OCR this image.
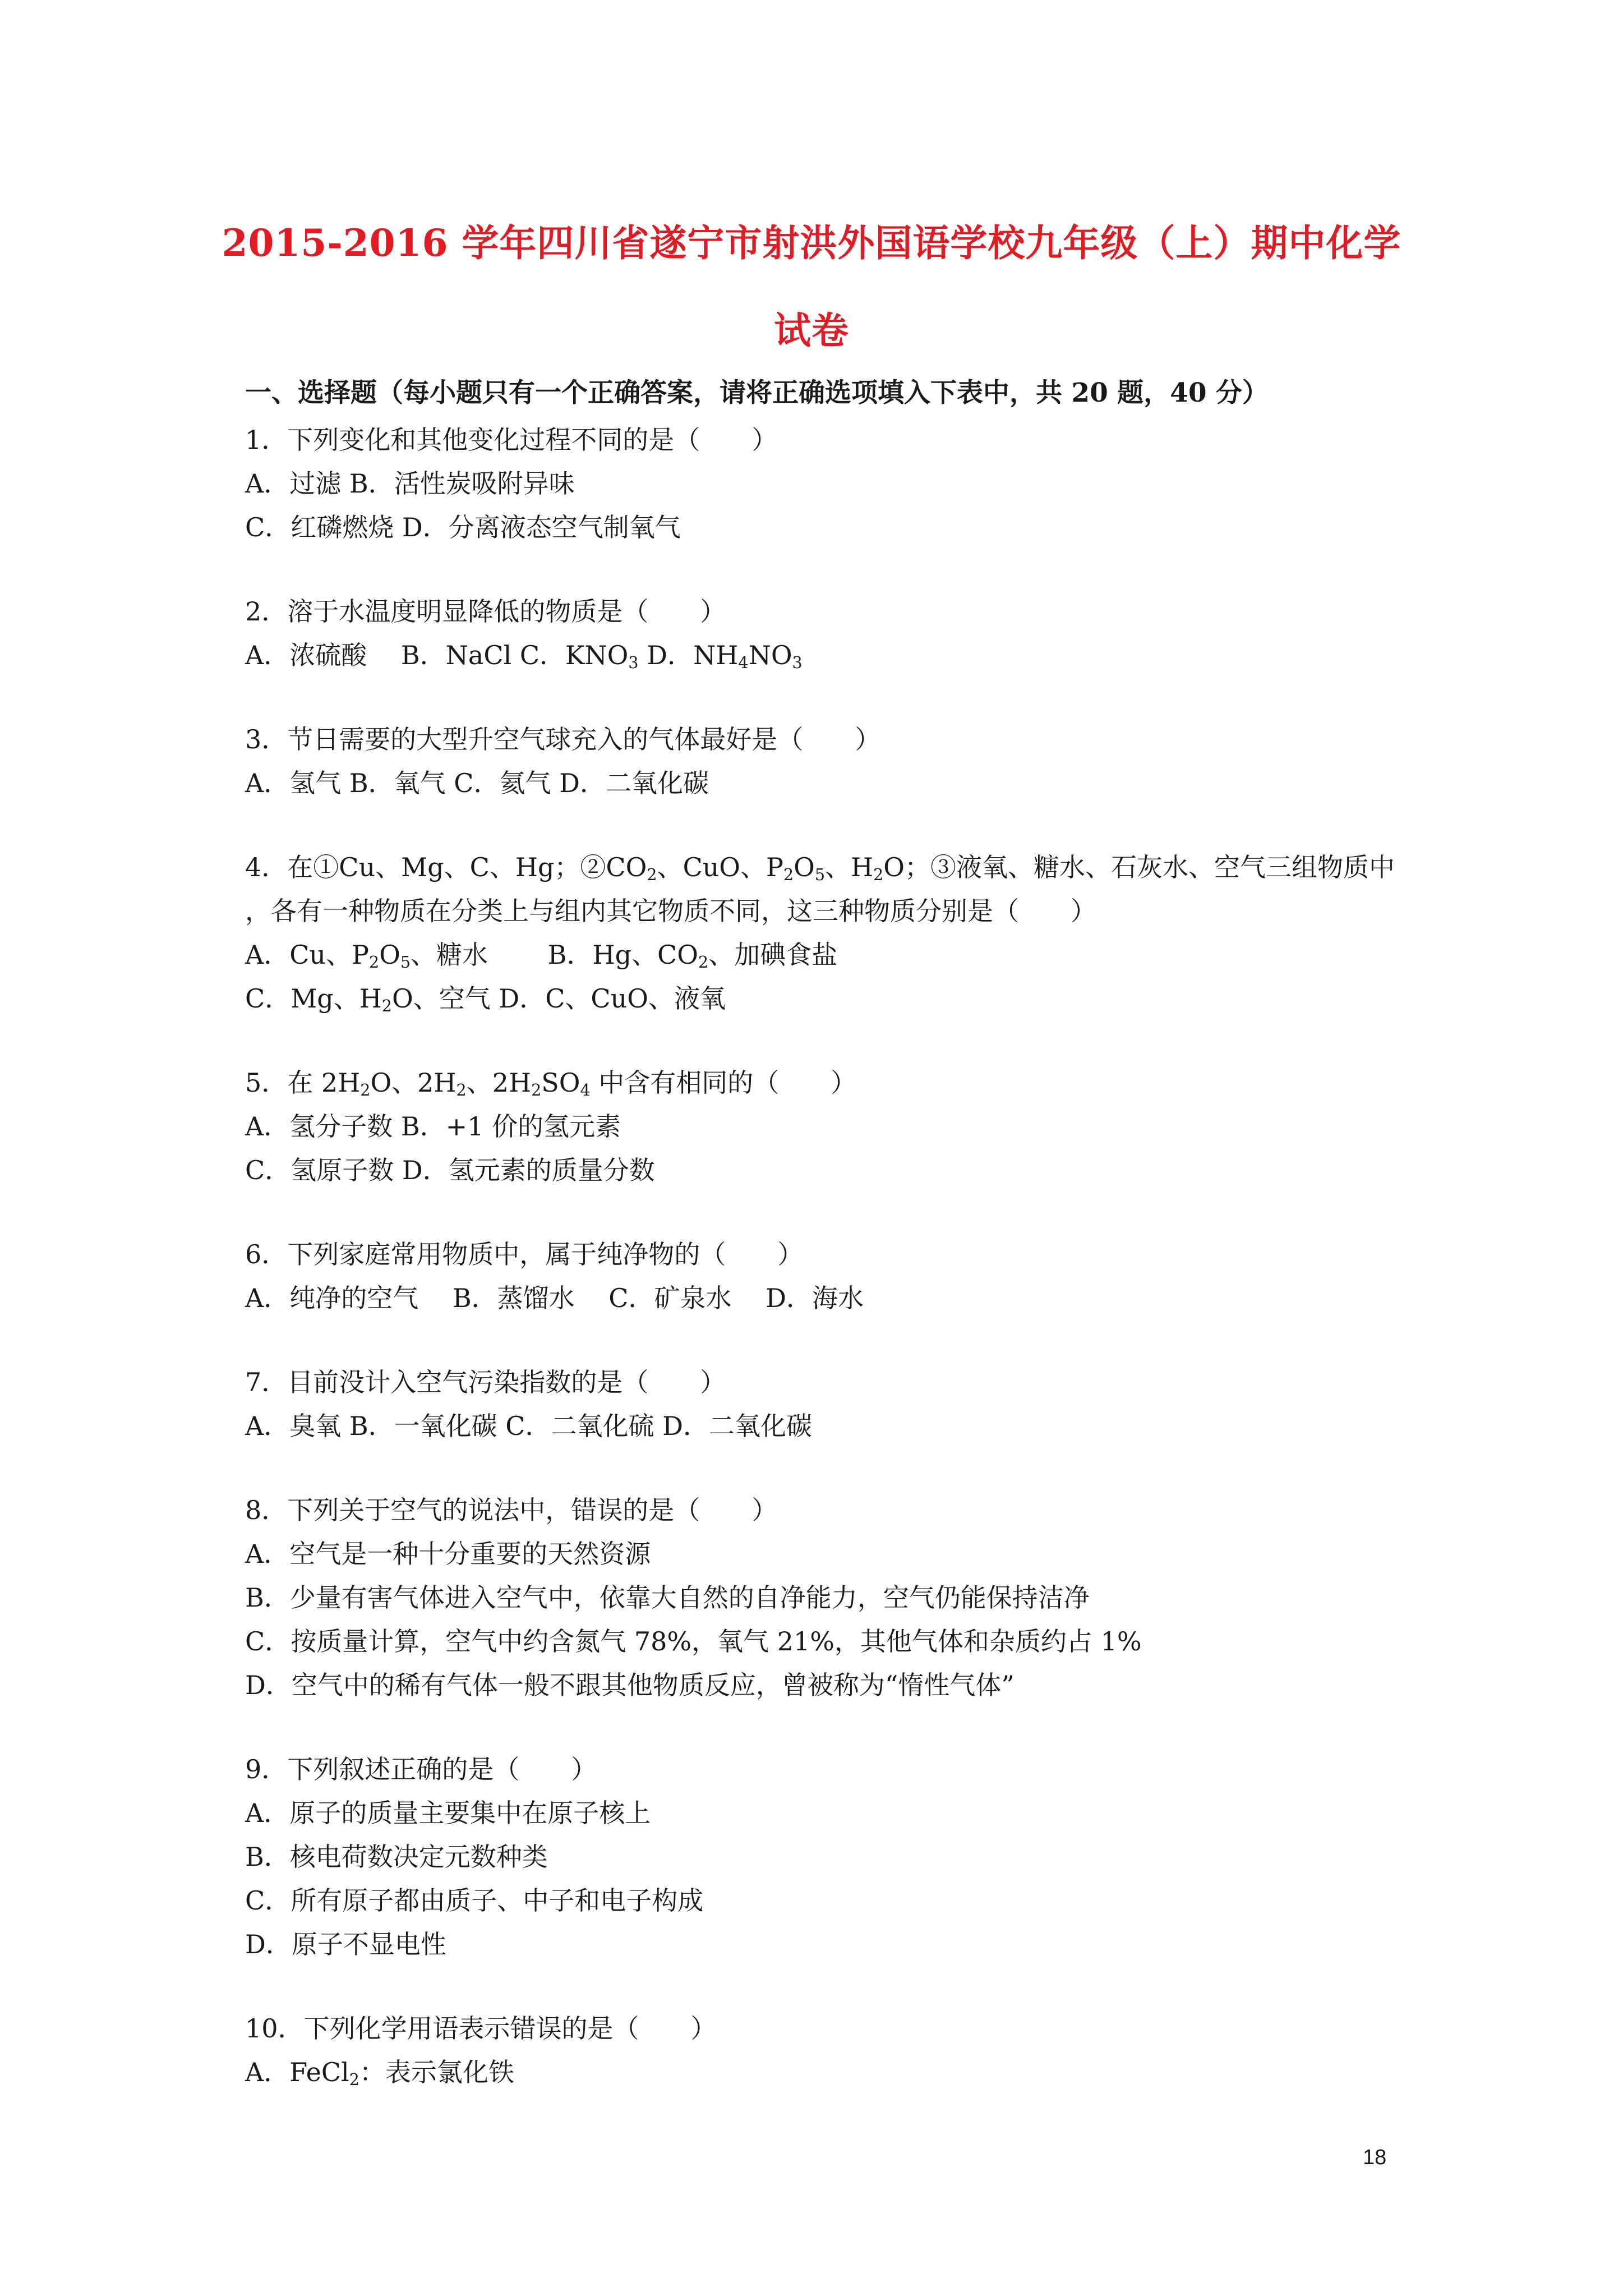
2015-2016 学年四川省遂宁市射洪外国语学校九年级（上）期中化学
试卷
一、选择题（每小题只有一个正确答案，请将正确选项填入下表中，共 20 题，40 分）
1．下列变化和其他变化过程不同的是（　　）
A．过滤 B．活性炭吸附异味
C．红磷燃烧 D．分离液态空气制氧气
2．溶于水温度明显降低的物质是（　　）
A．浓硫酸　 B．NaCl C．$KNO_3$ D．$NH_4NO_3$
3．节日需要的大型升空气球充入的气体最好是（　　）
A．氢气 B．氧气 C．氦气 D．二氧化碳
4．在①Cu、Mg、C、Hg；$②CO_2$、CuO、$P_2O_5$、$H_2O$；③液氧、糖水、石灰水、空气三组物质中
，各有一种物质在分类上与组内其它物质不同，这三种物质分别是（　　）
A．Cu、$P_2O_5$、糖水　　 B．Hg、$CO_2$、加碘食盐
C．Mg、$H_2O$、空气 D．C、CuO、液氧
5．在 $2H_2O$、$2H_2$、$2H_2SO_4$ 中含有相同的（　　）
A．氢分子数 B．+1 价的氢元素
C．氢原子数 D．氢元素的质量分数
6．下列家庭常用物质中，属于纯净物的（　　）
A．纯净的空气　 B．蒸馏水　 C．矿泉水　 D．海水
7．目前没计入空气污染指数的是（　　）
A．臭氧 B．一氧化碳 C．二氧化硫 D．二氧化碳
8．下列关于空气的说法中，错误的是（　　）
A．空气是一种十分重要的天然资源
B．少量有害气体进入空气中，依靠大自然的自净能力，空气仍能保持洁净
C．按质量计算，空气中约含氮气 78%，氧气 21%，其他气体和杂质约占 1%
D．空气中的稀有气体一般不跟其他物质反应，曾被称为“惰性气体”
9．下列叙述正确的是（　　）
A．原子的质量主要集中在原子核上
B．核电荷数决定元数种类
C．所有原子都由质子、中子和电子构成
D．原子不显电性
10．下列化学用语表示错误的是（　　）
A．FeCl$_2$：表示氯化铁
18
